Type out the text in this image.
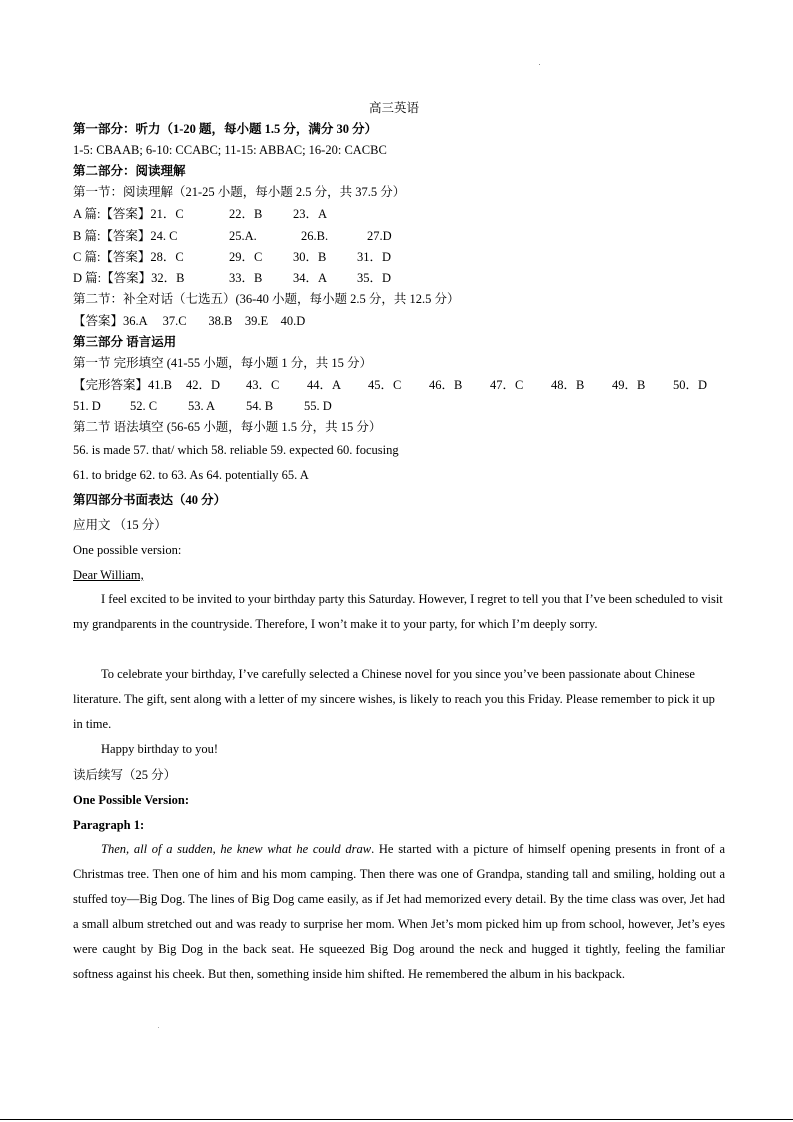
高三英语
第一部分：听力（1-20 题，每小题 1.5 分，满分 30 分）
1-5: CBAAB; 6-10: CCABC; 11-15: ABBAC; 16-20: CACBC
第二部分：阅读理解
第一节：阅读理解（21-25 小题，每小题 2.5 分，共 37.5 分）
A 篇:【答案】21．C	22．B 23．A
B 篇:【答案】24. C	25.A.	26.B.	27.D
C 篇:【答案】28．C	29．C 30．B 31．D
D 篇:【答案】32．B	33．B 34．A 35．D
第二节：补全对话（七选五）(36-40 小题，每小题 2.5 分，共 12.5 分）
【答案】36.A     37.C       38.B    39.E    40.D
第三部分 语言运用
第一节 完形填空 (41-55 小题，每小题 1 分，共 15 分）
【完形答案】41.B 42．D 43．C 44．A 45．C 46．B 47．C 48．B 49．B 50．D
51. D 52. C 53. A 54. B 55. D
第二节 语法填空 (56-65 小题，每小题 1.5 分，共 15 分）
56. is made 57. that/ which 58. reliable 59. expected 60. focusing
61. to bridge 62. to 63. As 64. potentially 65. A
第四部分书面表达（40 分）
应用文 （15 分）
One possible version:
Dear William,
I feel excited to be invited to your birthday party this Saturday. However, I regret to tell you that I’ve been scheduled to visit my grandparents in the countryside. Therefore, I won’t make it to your party, for which I’m deeply sorry.
To celebrate your birthday, I’ve carefully selected a Chinese novel for you since you’ve been passionate about Chinese literature. The gift, sent along with a letter of my sincere wishes, is likely to reach you this Friday. Please remember to pick it up in time.
Happy birthday to you!
读后续写（25 分）
One Possible Version:
Paragraph 1:
Then, all of a sudden, he knew what he could draw. He started with a picture of himself opening presents in front of a Christmas tree. Then one of him and his mom camping. Then there was one of Grandpa, standing tall and smiling, holding out a stuffed toy—Big Dog. The lines of Big Dog came easily, as if Jet had memorized every detail. By the time class was over, Jet had a small album stretched out and was ready to surprise her mom. When Jet’s mom picked him up from school, however, Jet’s eyes were caught by Big Dog in the back seat. He squeezed Big Dog around the neck and hugged it tightly, feeling the familiar softness against his cheek. But then, something inside him shifted. He remembered the album in his backpack.
